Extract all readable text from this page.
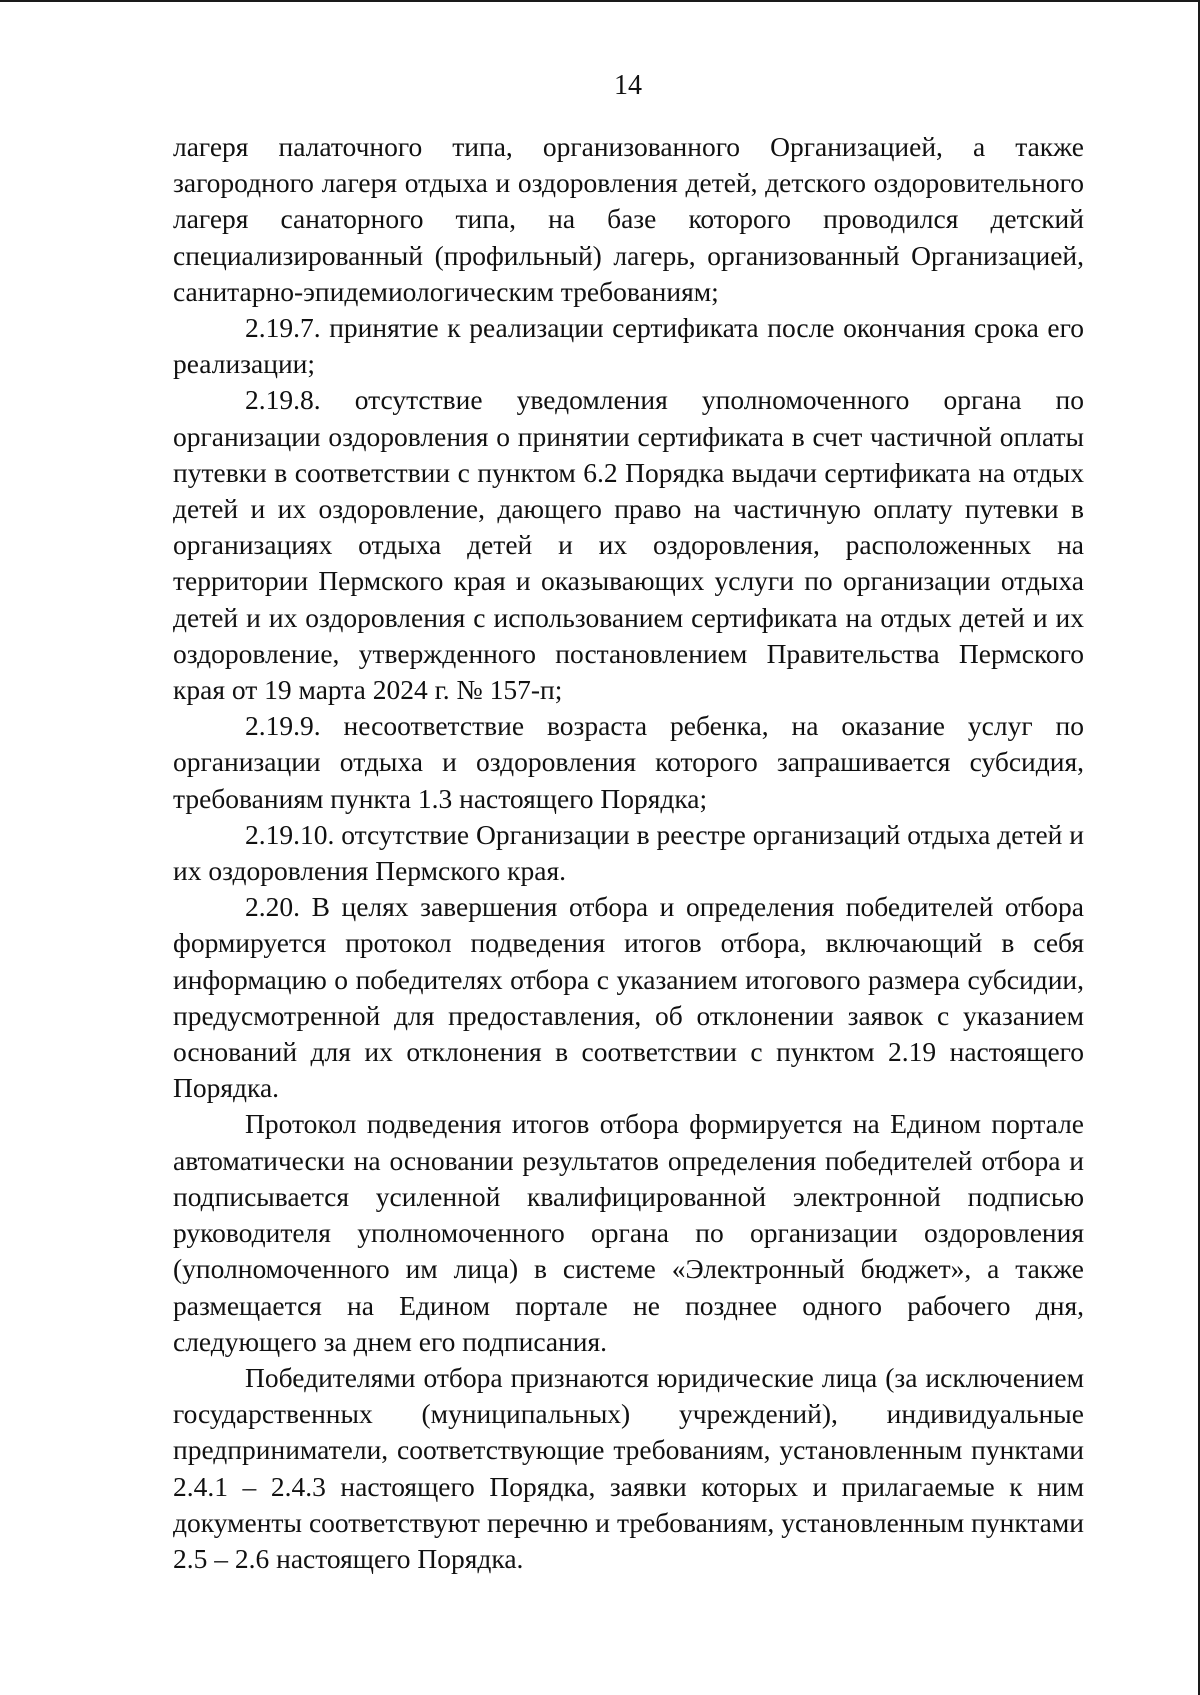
14

лагеря палаточного типа, организованного Организацией, а также загородного лагеря отдыха и оздоровления детей, детского оздоровительного лагеря санаторного типа, на базе которого проводился детский специализированный (профильный) лагерь, организованный Организацией, санитарно-эпидемиологическим требованиям;

2.19.7. принятие к реализации сертификата после окончания срока его реализации;

2.19.8. отсутствие уведомления уполномоченного органа по организации оздоровления о принятии сертификата в счет частичной оплаты путевки в соответствии с пунктом 6.2 Порядка выдачи сертификата на отдых детей и их оздоровление, дающего право на частичную оплату путевки в организациях отдыха детей и их оздоровления, расположенных на территории Пермского края и оказывающих услуги по организации отдыха детей и их оздоровления с использованием сертификата на отдых детей и их оздоровление, утвержденного постановлением Правительства Пермского края от 19 марта 2024 г. № 157-п;

2.19.9. несоответствие возраста ребенка, на оказание услуг по организации отдыха и оздоровления которого запрашивается субсидия, требованиям пункта 1.3 настоящего Порядка;

2.19.10. отсутствие Организации в реестре организаций отдыха детей и их оздоровления Пермского края.

2.20. В целях завершения отбора и определения победителей отбора формируется протокол подведения итогов отбора, включающий в себя информацию о победителях отбора с указанием итогового размера субсидии, предусмотренной для предоставления, об отклонении заявок с указанием оснований для их отклонения в соответствии с пунктом 2.19 настоящего Порядка.

Протокол подведения итогов отбора формируется на Едином портале автоматически на основании результатов определения победителей отбора и подписывается усиленной квалифицированной электронной подписью руководителя уполномоченного органа по организации оздоровления (уполномоченного им лица) в системе «Электронный бюджет», а также размещается на Едином портале не позднее одного рабочего дня, следующего за днем его подписания.

Победителями отбора признаются юридические лица (за исключением государственных (муниципальных) учреждений), индивидуальные предприниматели, соответствующие требованиям, установленным пунктами 2.4.1 – 2.4.3 настоящего Порядка, заявки которых и прилагаемые к ним документы соответствуют перечню и требованиям, установленным пунктами 2.5 – 2.6 настоящего Порядка.
